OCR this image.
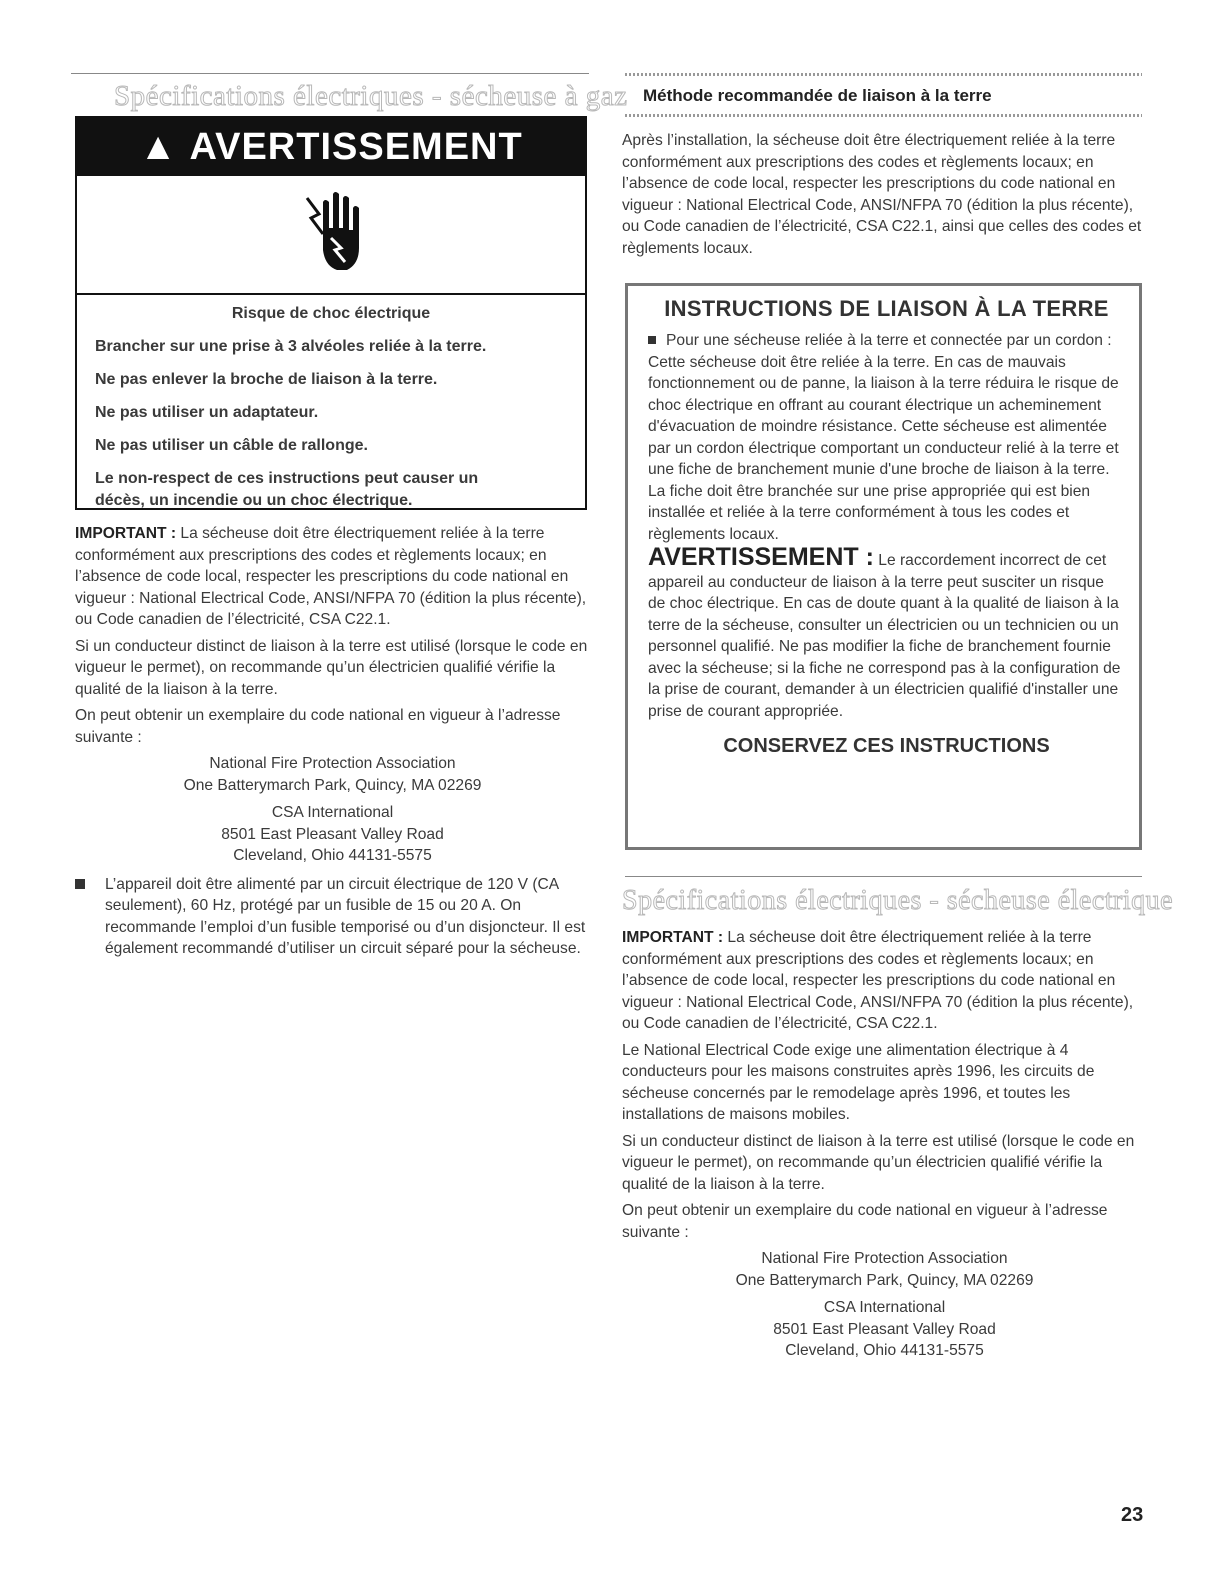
Spécifications électriques - sécheuse à gaz
▲ AVERTISSEMENT
Risque de choc électrique
Brancher sur une prise à 3 alvéoles reliée à la terre.
Ne pas enlever la broche de liaison à la terre.
Ne pas utiliser un adaptateur.
Ne pas utiliser un câble de rallonge.
Le non-respect de ces instructions peut causer un décès, un incendie ou un choc électrique.

IMPORTANT : La sécheuse doit être électriquement reliée à la terre conformément aux prescriptions des codes et règlements locaux; en l’absence de code local, respecter les prescriptions du code national en vigueur : National Electrical Code, ANSI/NFPA 70 (édition la plus récente), ou Code canadien de l’électricité, CSA C22.1.

Si un conducteur distinct de liaison à la terre est utilisé (lorsque le code en vigueur le permet), on recommande qu’un électricien qualifié vérifie la qualité de la liaison à la terre.

On peut obtenir un exemplaire du code national en vigueur à l’adresse suivante :

National Fire Protection Association
One Batterymarch Park, Quincy, MA 02269
CSA International
8501 East Pleasant Valley Road
Cleveland, Ohio 44131-5575

L’appareil doit être alimenté par un circuit électrique de 120 V (CA seulement), 60 Hz, protégé par un fusible de 15 ou 20 A. On recommande l’emploi d’un fusible temporisé ou d’un disjoncteur. Il est également recommandé d’utiliser un circuit séparé pour la sécheuse.

Méthode recommandée de liaison à la terre
Après l’installation, la sécheuse doit être électriquement reliée à la terre conformément aux prescriptions des codes et règlements locaux; en l’absence de code local, respecter les prescriptions du code national en vigueur : National Electrical Code, ANSI/NFPA 70 (édition la plus récente), ou Code canadien de l’électricité, CSA C22.1, ainsi que celles des codes et règlements locaux.
INSTRUCTIONS DE LIAISON À LA TERRE

Pour une sécheuse reliée à la terre et connectée par un cordon :

Cette sécheuse doit être reliée à la terre. En cas de mauvais fonctionnement ou de panne, la liaison à la terre réduira le risque de choc électrique en offrant au courant électrique un acheminement d'évacuation de moindre résistance. Cette sécheuse est alimentée par un cordon électrique comportant un conducteur relié à la terre et une fiche de branchement munie d'une broche de liaison à la terre. La fiche doit être branchée sur une prise appropriée qui est bien installée et reliée à la terre conformément à tous les codes et règlements locaux.

AVERTISSEMENT : Le raccordement incorrect de cet appareil au conducteur de liaison à la terre peut susciter un risque de choc électrique. En cas de doute quant à la qualité de liaison à la terre de la sécheuse, consulter un électricien ou un technicien ou un personnel qualifié. Ne pas modifier la fiche de branchement fournie avec la sécheuse; si la fiche ne correspond pas à la configuration de la prise de courant, demander à un électricien qualifié d'installer une prise de courant appropriée.

CONSERVEZ CES INSTRUCTIONS
Spécifications électriques - sécheuse électrique

IMPORTANT : La sécheuse doit être électriquement reliée à la terre conformément aux prescriptions des codes et règlements locaux; en l’absence de code local, respecter les prescriptions du code national en vigueur : National Electrical Code, ANSI/NFPA 70 (édition la plus récente), ou Code canadien de l’électricité, CSA C22.1.

Le National Electrical Code exige une alimentation électrique à 4 conducteurs pour les maisons construites après 1996, les circuits de sécheuse concernés par le remodelage après 1996, et toutes les installations de maisons mobiles.

Si un conducteur distinct de liaison à la terre est utilisé (lorsque le code en vigueur le permet), on recommande qu’un électricien qualifié vérifie la qualité de la liaison à la terre.

On peut obtenir un exemplaire du code national en vigueur à l’adresse suivante :

National Fire Protection Association
One Batterymarch Park, Quincy, MA 02269
CSA International
8501 East Pleasant Valley Road
Cleveland, Ohio 44131-5575
23
